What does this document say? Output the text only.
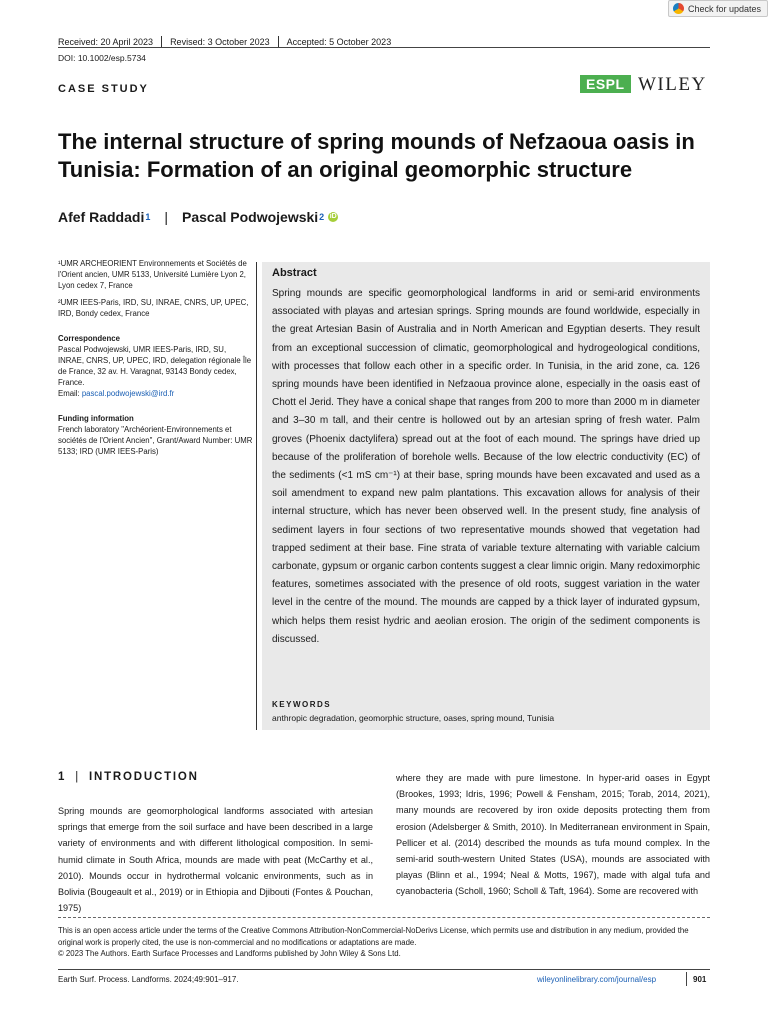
Received: 20 April 2023 Revised: 3 October 2023 Accepted: 5 October 2023
DOI: 10.1002/esp.5734
Check for updates
CASE STUDY	ESPL WILEY
The internal structure of spring mounds of Nefzaoua oasis in Tunisia: Formation of an original geomorphic structure
Afef Raddadi 1 | Pascal Podwojewski 2 iD

¹UMR ARCHEORIENT Environnements et Sociétés de l'Orient ancien, UMR 5133, Université Lumière Lyon 2, Lyon cedex 7, France

²UMR IEES-Paris, IRD, SU, INRAE, CNRS, UP, UPEC, IRD, Bondy cedex, France

Correspondence

Pascal Podwojewski, UMR IEES-Paris, IRD, SU, INRAE, CNRS, UP, UPEC, IRD, delegation régionale Île de France, 32 av. H. Varagnat, 93143 Bondy cedex, France.

Email: pascal.podwojewski@ird.fr

Funding information

French laboratory "Archéorient-Environnements et sociétés de l'Orient Ancien", Grant/Award Number: UMR 5133; IRD (UMR IEES-Paris)

Abstract
Spring mounds are specific geomorphological landforms in arid or semi-arid environments associated with playas and artesian springs. Spring mounds are found worldwide, especially in the great Artesian Basin of Australia and in North American and Egyptian deserts. They result from an exceptional succession of climatic, geomorphological and hydrogeological conditions, with processes that follow each other in a specific order. In Tunisia, in the arid zone, ca. 126 spring mounds have been identified in Nefzaoua province alone, especially in the oasis east of Chott el Jerid. They have a conical shape that ranges from 200 to more than 2000 m in diameter and 3–30 m tall, and their centre is hollowed out by an artesian spring of fresh water. Palm groves (Phoenix dactylifera) spread out at the foot of each mound. The springs have dried up because of the proliferation of borehole wells. Because of the low electric conductivity (EC) of the sediments (<1 mS cm⁻¹) at their base, spring mounds have been excavated and used as a soil amendment to expand new palm plantations. This excavation allows for analysis of their internal structure, which has never been observed well. In the present study, fine analysis of sediment layers in four sections of two representative mounds showed that vegetation had trapped sediment at their base. Fine strata of variable texture alternating with variable calcium carbonate, gypsum or organic carbon contents suggest a clear limnic origin. Many redoximorphic features, sometimes associated with the presence of old roots, suggest variation in the water level in the centre of the mound. The mounds are capped by a thick layer of indurated gypsum, which helps them resist hydric and aeolian erosion. The origin of the sediment components is discussed.
KEYWORDS
anthropic degradation, geomorphic structure, oases, spring mound, Tunisia
1 | INTRODUCTION
Spring mounds are geomorphological landforms associated with artesian springs that emerge from the soil surface and have been described in a large variety of environments and with different lithological composition. In semi-humid climate in South Africa, mounds are made with peat (McCarthy et al., 2010). Mounds occur in hydrothermal volcanic environments, such as in Bolivia (Bougeault et al., 2019) or in Ethiopia and Djibouti (Fontes & Pouchan, 1975)
where they are made with pure limestone. In hyper-arid oases in Egypt (Brookes, 1993; Idris, 1996; Powell & Fensham, 2015; Torab, 2014, 2021), many mounds are recovered by iron oxide deposits protecting them from erosion (Adelsberger & Smith, 2010). In Mediterranean environment in Spain, Pellicer et al. (2014) described the mounds as tufa mound complex. In the semi-arid south-western United States (USA), mounds are associated with playas (Blinn et al., 1994; Neal & Motts, 1967), made with algal tufa and cyanobacteria (Scholl, 1960; Scholl & Taft, 1964). Some are recovered with
This is an open access article under the terms of the Creative Commons Attribution-NonCommercial-NoDerivs License, which permits use and distribution in any medium, provided the original work is properly cited, the use is non-commercial and no modifications or adaptations are made.
© 2023 The Authors. Earth Surface Processes and Landforms published by John Wiley & Sons Ltd.
Earth Surf. Process. Landforms. 2024;49:901–917.	wileyonlinelibrary.com/journal/esp	901
